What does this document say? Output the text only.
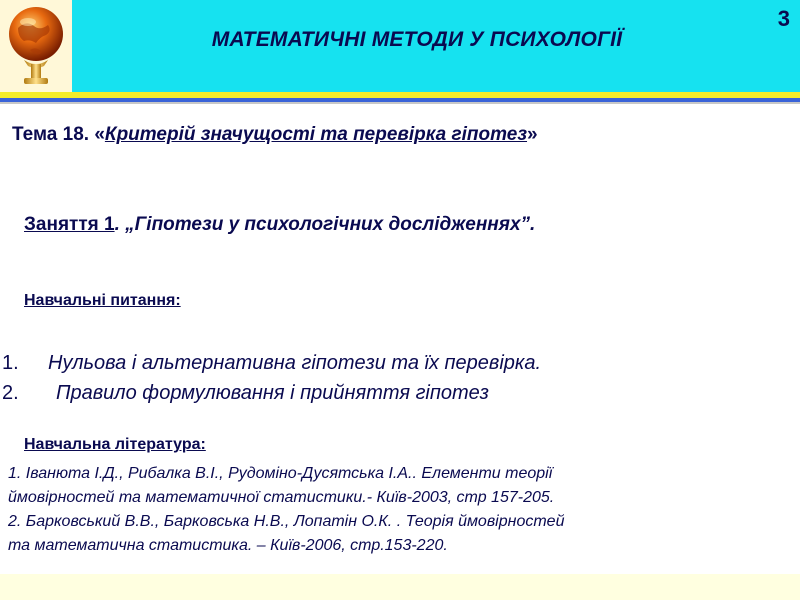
МАТЕМАТИЧНІ МЕТОДИ У ПСИХОЛОГІЇ
3
Тема 18. «Критерій значущості та перевірка гіпотез»
Заняття 1. „Гіпотези у психологічних дослідженнях”.
Навчальні питання:
1. Нульова і альтернативна гіпотези та їх перевірка.
2. Правило формулювання і прийняття гіпотез
Навчальна література:
1. Іванюта І.Д., Рибалка В.І., Рудоміно-Дусятська І.А.. Елементи теорії
ймовірностей та математичної статистики.- Київ-2003, стр 157-205.
2. Барковський В.В., Барковська Н.В., Лопатін О.К. . Теорія ймовірностей
та математична статистика. – Київ-2006, стр.153-220.
